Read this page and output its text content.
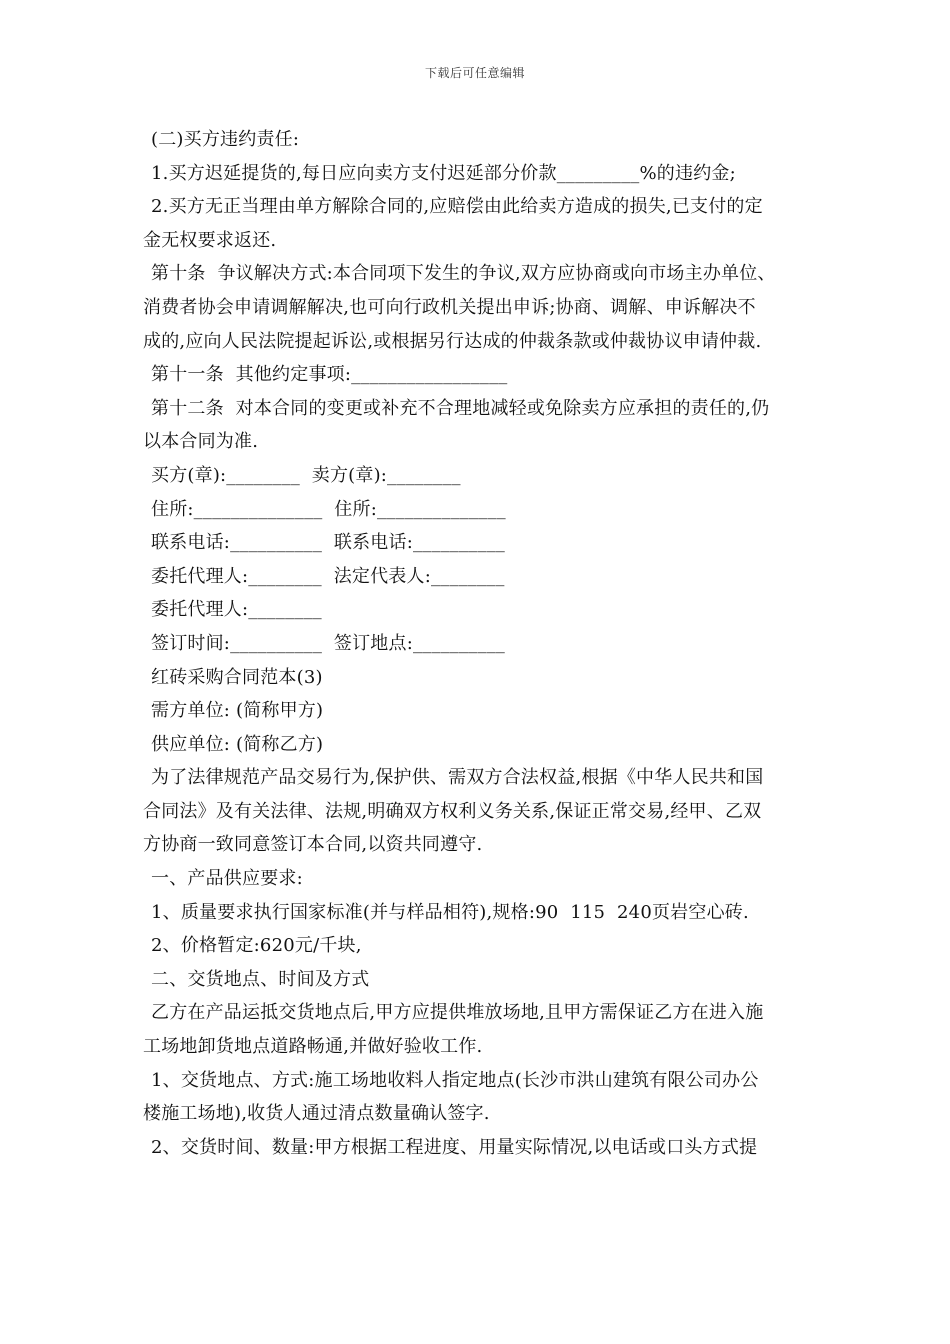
下载后可任意编辑
(二)买方违约责任:
1.买方迟延提货的,每日应向卖方支付迟延部分价款_________%的违约金;
2.买方无正当理由单方解除合同的,应赔偿由此给卖方造成的损失,已支付的定
金无权要求返还.
第十条  争议解决方式:本合同项下发生的争议,双方应协商或向市场主办单位、
消费者协会申请调解解决,也可向行政机关提出申诉;协商、调解、申诉解决不
成的,应向人民法院提起诉讼,或根据另行达成的仲裁条款或仲裁协议申请仲裁.
第十一条  其他约定事项:_________________
第十二条  对本合同的变更或补充不合理地减轻或免除卖方应承担的责任的,仍
以本合同为准.
买方(章):________  卖方(章):________
住所:______________  住所:______________
联系电话:__________  联系电话:__________
委托代理人:________  法定代表人:________
委托代理人:________
签订时间:__________  签订地点:__________
红砖采购合同范本(3)
需方单位: (简称甲方)
供应单位: (简称乙方)
为了法律规范产品交易行为,保护供、需双方合法权益,根据《中华人民共和国
合同法》及有关法律、法规,明确双方权利义务关系,保证正常交易,经甲、乙双
方协商一致同意签订本合同,以资共同遵守.
一、产品供应要求:
1、质量要求执行国家标准(并与样品相符),规格:90  115  240页岩空心砖.
2、价格暂定:620元/千块,
二、交货地点、时间及方式
乙方在产品运抵交货地点后,甲方应提供堆放场地,且甲方需保证乙方在进入施
工场地卸货地点道路畅通,并做好验收工作.
1、交货地点、方式:施工场地收料人指定地点(长沙市洪山建筑有限公司办公
楼施工场地),收货人通过清点数量确认签字.
2、交货时间、数量:甲方根据工程进度、用量实际情况,以电话或口头方式提
